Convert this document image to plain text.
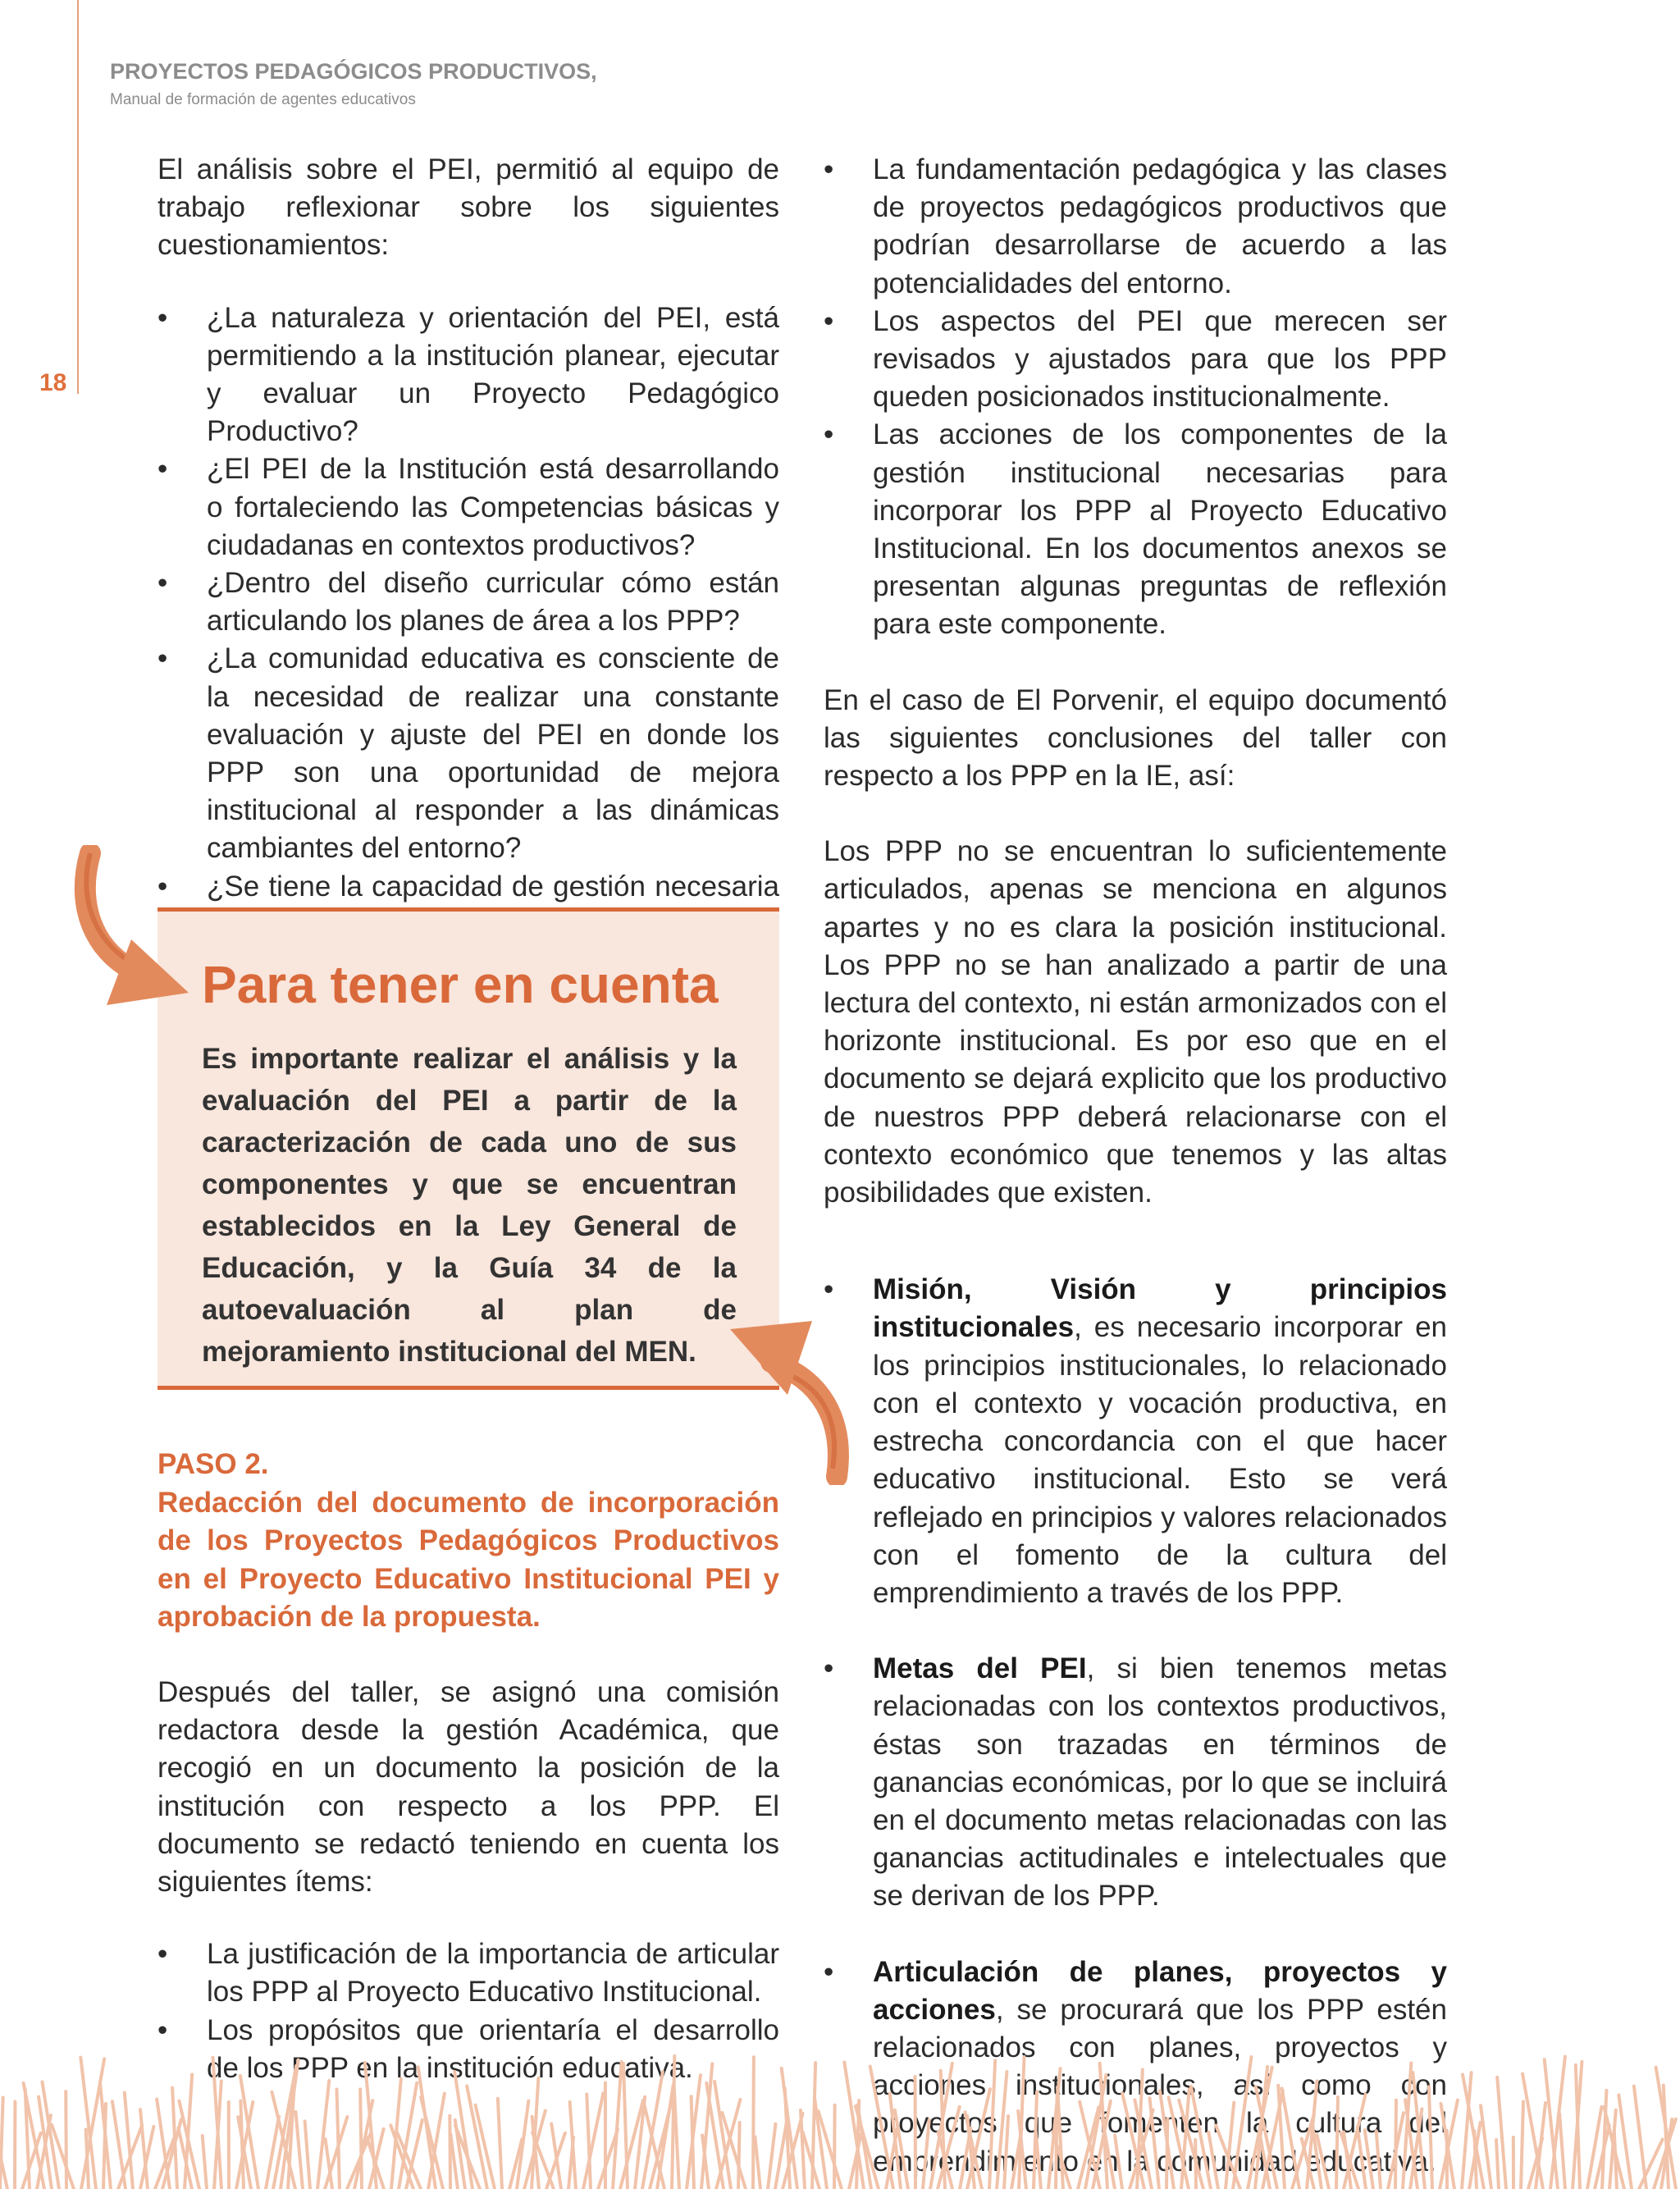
18
PROYECTOS PEDAGÓGICOS PRODUCTIVOS,
Manual de formación de agentes educativos

El análisis sobre el PEI, permitió al equipo de trabajo reflexionar sobre los siguientes cuestionamientos:

• ¿La naturaleza y orientación del PEI, está permitiendo a la institución planear, ejecutar y evaluar un Proyecto Pedagógico Productivo?
• ¿El PEI de la Institución está desarrollando o fortaleciendo las Competencias básicas y ciudadanas en contextos productivos?
• ¿Dentro del diseño curricular cómo están articulando los planes de área a los PPP?
• ¿La comunidad educativa es consciente de la necesidad de realizar una constante evaluación y ajuste del PEI en donde los PPP son una oportunidad de mejora institucional al responder a las dinámicas cambiantes del entorno?
• ¿Se tiene la capacidad de gestión necesaria
Para tener en cuenta

Es importante realizar el análisis y la evaluación del PEI a partir de la caracterización de cada uno de sus componentes y que se encuentran establecidos en la Ley General de Educación, y la Guía 34 de la autoevaluación al plan de mejoramiento institucional del MEN.

PASO 2.

Redacción del documento de incorporación de los Proyectos Pedagógicos Productivos en el Proyecto Educativo Institucional PEI y aprobación de la propuesta.

Después del taller, se asignó una comisión redactora desde la gestión Académica, que recogió en un documento la posición de la institución con respecto a los PPP. El documento se redactó teniendo en cuenta los siguientes ítems:

• La justificación de la importancia de articular los PPP al Proyecto Educativo Institucional.
• Los propósitos que orientaría el desarrollo de los PPP en la institución educativa.
• La fundamentación pedagógica y las clases de proyectos pedagógicos productivos que podrían desarrollarse de acuerdo a las potencialidades del entorno.
• Los aspectos del PEI que merecen ser revisados y ajustados para que los PPP queden posicionados institucionalmente.
• Las acciones de los componentes de la gestión institucional necesarias para incorporar los PPP al Proyecto Educativo Institucional. En los documentos anexos se presentan algunas preguntas de reflexión para este componente.

En el caso de El Porvenir, el equipo documentó las siguientes conclusiones del taller con respecto a los PPP en la IE, así:

Los PPP no se encuentran lo suficientemente articulados, apenas se menciona en algunos apartes y no es clara la posición institucional. Los PPP no se han analizado a partir de una lectura del contexto, ni están armonizados con el horizonte institucional. Es por eso que en el documento se dejará explicito que los productivo de nuestros PPP deberá relacionarse con el contexto económico que tenemos y las altas posibilidades que existen.

• Misión, Visión y principios institucionales, es necesario incorporar en los principios institucionales, lo relacionado con el contexto y vocación productiva, en estrecha concordancia con el que hacer educativo institucional. Esto se verá reflejado en principios y valores relacionados con el fomento de la cultura del emprendimiento a través de los PPP.
• Metas del PEI, si bien tenemos metas relacionadas con los contextos productivos, éstas son trazadas en términos de ganancias económicas, por lo que se incluirá en el documento metas relacionadas con las ganancias actitudinales e intelectuales que se derivan de los PPP.
• Articulación de planes, proyectos y acciones, se procurará que los PPP estén relacionados con planes, proyectos y acciones institucionales, así como con proyectos que fomenten la cultura del emprendimiento en la comunidad educativa.
